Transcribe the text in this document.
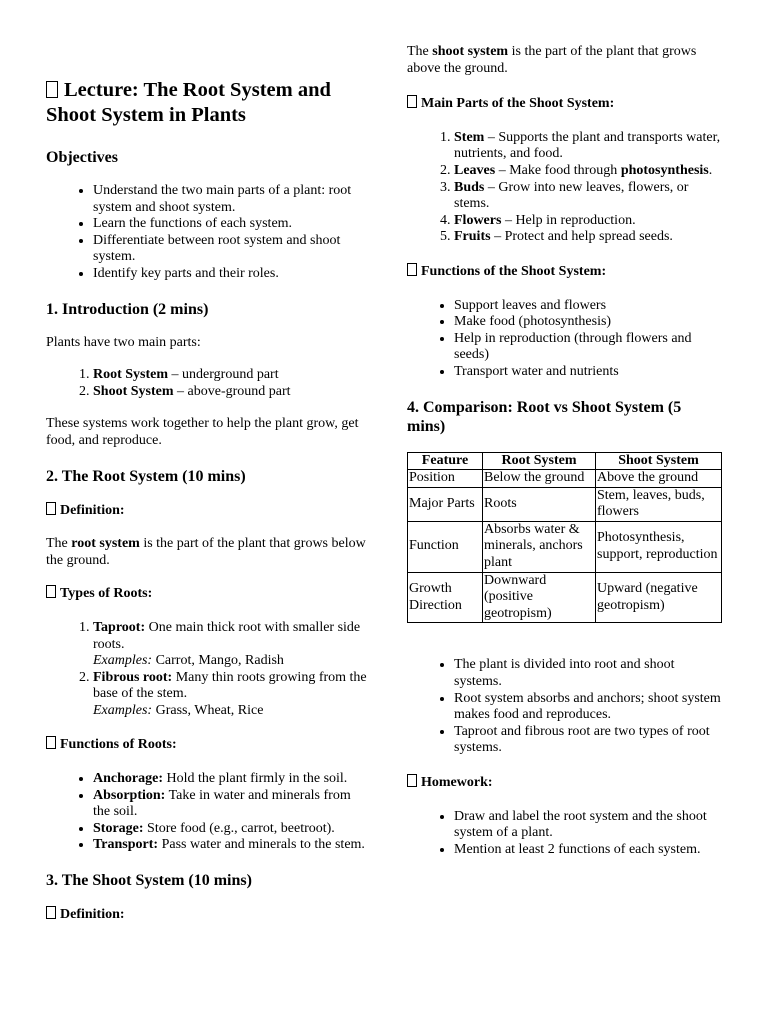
Lecture: The Root System and Shoot System in Plants
Objectives
• Understand the two main parts of a plant: root system and shoot system.
• Learn the functions of each system.
• Differentiate between root system and shoot system.
• Identify key parts and their roles.
1. Introduction (2 mins)

Plants have two main parts:

1. Root System – underground part
2. Shoot System – above-ground part

These systems work together to help the plant grow, get food, and reproduce.

2. The Root System (10 mins)
Definition:

The root system is the part of the plant that grows below the ground.

Types of Roots:
1. Taproot: One main thick root with smaller side roots.
Examples: Carrot, Mango, Radish
2. Fibrous root: Many thin roots growing from the base of the stem.
Examples: Grass, Wheat, Rice
Functions of Roots:
• Anchorage: Hold the plant firmly in the soil.
• Absorption: Take in water and minerals from the soil.
• Storage: Store food (e.g., carrot, beetroot).
• Transport: Pass water and minerals to the stem.
3. The Shoot System (10 mins)
Definition:

The shoot system is the part of the plant that grows above the ground.

Main Parts of the Shoot System:
1. Stem – Supports the plant and transports water, nutrients, and food.
2. Leaves – Make food through photosynthesis.
3. Buds – Grow into new leaves, flowers, or stems.
4. Flowers – Help in reproduction.
5. Fruits – Protect and help spread seeds.
Functions of the Shoot System:
• Support leaves and flowers
• Make food (photosynthesis)
• Help in reproduction (through flowers and seeds)
• Transport water and nutrients
4. Comparison: Root vs Shoot System (5 mins)
Feature	Root System	Shoot System
Position	Below the ground	Above the ground
Major Parts	Roots	Stem, leaves, buds, flowers
Function	Absorbs water & minerals, anchors plant	Photosynthesis, support, reproduction
Growth Direction	Downward (positive geotropism)	Upward (negative geotropism)
• The plant is divided into root and shoot systems.
• Root system absorbs and anchors; shoot system makes food and reproduces.
• Taproot and fibrous root are two types of root systems.
Homework:
• Draw and label the root system and the shoot system of a plant.
• Mention at least 2 functions of each system.
